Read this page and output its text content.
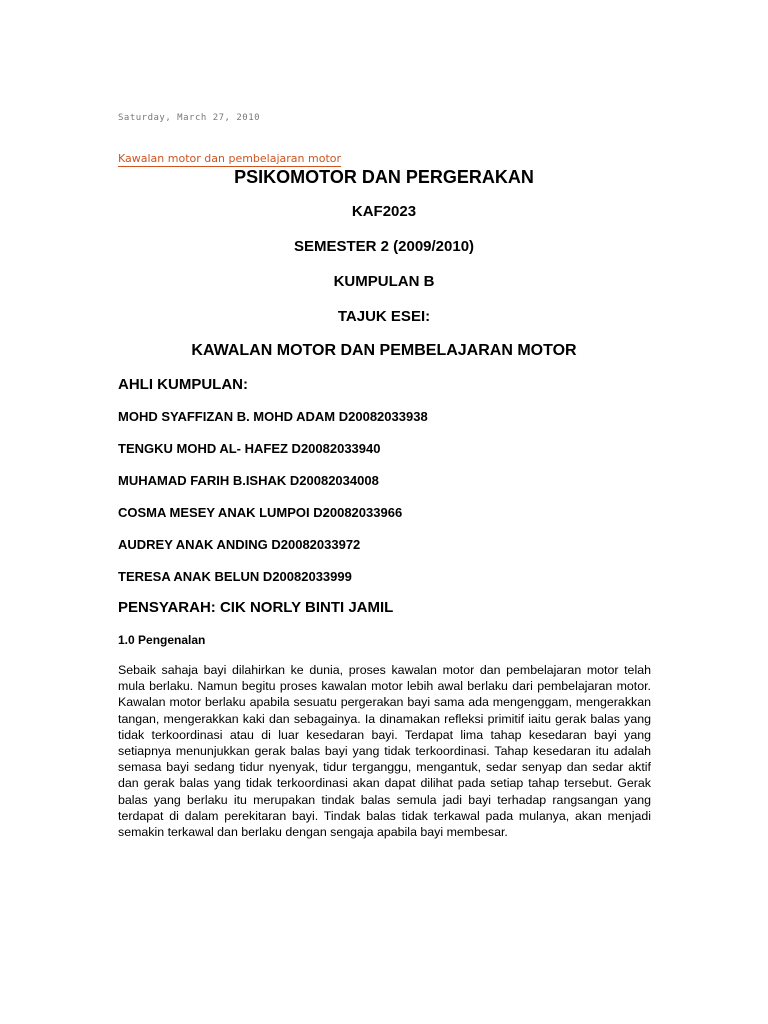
Saturday, March 27, 2010
Kawalan motor dan pembelajaran motor
PSIKOMOTOR DAN PERGERAKAN
KAF2023
SEMESTER 2 (2009/2010)
KUMPULAN B
TAJUK ESEI:
KAWALAN MOTOR DAN PEMBELAJARAN MOTOR
AHLI KUMPULAN:
MOHD SYAFFIZAN B. MOHD ADAM D20082033938
TENGKU MOHD AL- HAFEZ D20082033940
MUHAMAD FARIH B.ISHAK D20082034008
COSMA MESEY ANAK LUMPOI D20082033966
AUDREY ANAK ANDING D20082033972
TERESA ANAK BELUN D20082033999
PENSYARAH: CIK NORLY BINTI JAMIL
1.0 Pengenalan
Sebaik sahaja bayi dilahirkan ke dunia, proses kawalan motor dan pembelajaran motor telah mula berlaku. Namun begitu proses kawalan motor lebih awal berlaku dari pembelajaran motor. Kawalan motor berlaku apabila sesuatu pergerakan bayi sama ada mengenggam, mengerakkan tangan, mengerakkan kaki dan sebagainya. Ia dinamakan refleksi primitif iaitu gerak balas yang tidak terkoordinasi atau di luar kesedaran bayi. Terdapat lima tahap kesedaran bayi yang setiapnya menunjukkan gerak balas bayi yang tidak terkoordinasi. Tahap kesedaran itu adalah semasa bayi sedang tidur nyenyak, tidur terganggu, mengantuk, sedar senyap dan sedar aktif dan gerak balas yang tidak terkoordinasi akan dapat dilihat pada setiap tahap tersebut. Gerak balas yang berlaku itu merupakan tindak balas semula jadi bayi terhadap rangsangan yang terdapat di dalam perekitaran bayi. Tindak balas tidak terkawal pada mulanya, akan menjadi semakin terkawal dan berlaku dengan sengaja apabila bayi membesar.
